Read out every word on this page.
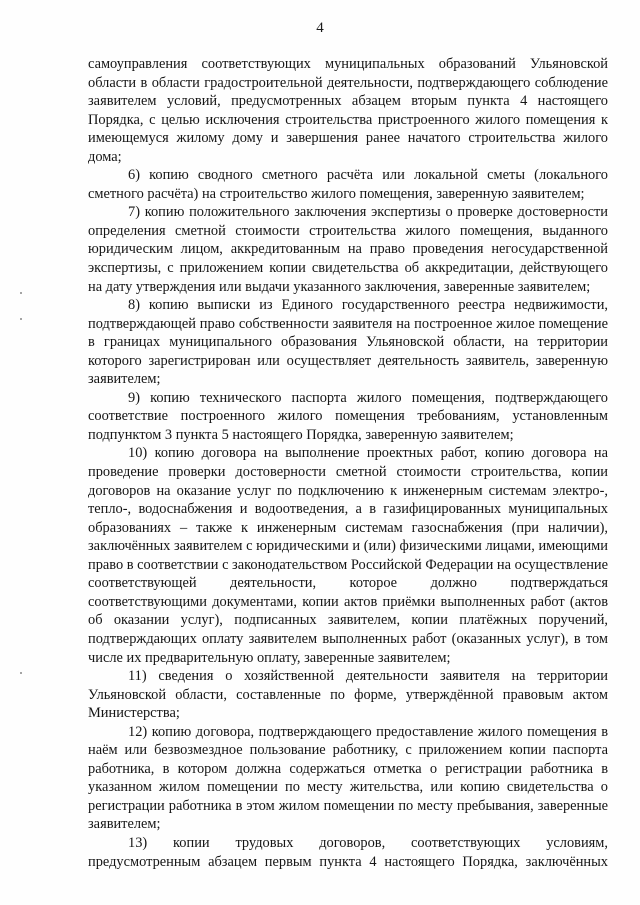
4

самоуправления соответствующих муниципальных образований Ульяновской области в области градостроительной деятельности, подтверждающего соблюдение заявителем условий, предусмотренных абзацем вторым пункта 4 настоящего Порядка, с целью исключения строительства пристроенного жилого помещения к имеющемуся жилому дому и завершения ранее начатого строительства жилого дома;

6) копию сводного сметного расчёта или локальной сметы (локального сметного расчёта) на строительство жилого помещения, заверенную заявителем;

7) копию положительного заключения экспертизы о проверке достоверности определения сметной стоимости строительства жилого помещения, выданного юридическим лицом, аккредитованным на право проведения негосударственной экспертизы, с приложением копии свидетельства об аккредитации, действующего на дату утверждения или выдачи указанного заключения, заверенные заявителем;

8) копию выписки из Единого государственного реестра недвижимости, подтверждающей право собственности заявителя на построенное жилое помещение в границах муниципального образования Ульяновской области, на территории которого зарегистрирован или осуществляет деятельность заявитель, заверенную заявителем;

9) копию технического паспорта жилого помещения, подтверждающего соответствие построенного жилого помещения требованиям, установленным подпунктом 3 пункта 5 настоящего Порядка, заверенную заявителем;

10) копию договора на выполнение проектных работ, копию договора на проведение проверки достоверности сметной стоимости строительства, копии договоров на оказание услуг по подключению к инженерным системам электро-, тепло-, водоснабжения и водоотведения, а в газифицированных муниципальных образованиях – также к инженерным системам газоснабжения (при наличии), заключённых заявителем с юридическими и (или) физическими лицами, имеющими право в соответствии с законодательством Российской Федерации на осуществление соответствующей деятельности, которое должно подтверждаться соответствующими документами, копии актов приёмки выполненных работ (актов об оказании услуг), подписанных заявителем, копии платёжных поручений, подтверждающих оплату заявителем выполненных работ (оказанных услуг), в том числе их предварительную оплату, заверенные заявителем;

11) сведения о хозяйственной деятельности заявителя на территории Ульяновской области, составленные по форме, утверждённой правовым актом Министерства;

12) копию договора, подтверждающего предоставление жилого помещения в наём или безвозмездное пользование работнику, с приложением копии паспорта работника, в котором должна содержаться отметка о регистрации работника в указанном жилом помещении по месту жительства, или копию свидетельства о регистрации работника в этом жилом помещении по месту пребывания, заверенные заявителем;

13) копии трудовых договоров, соответствующих условиям, предусмотренным абзацем первым пункта 4 настоящего Порядка, заключённых
